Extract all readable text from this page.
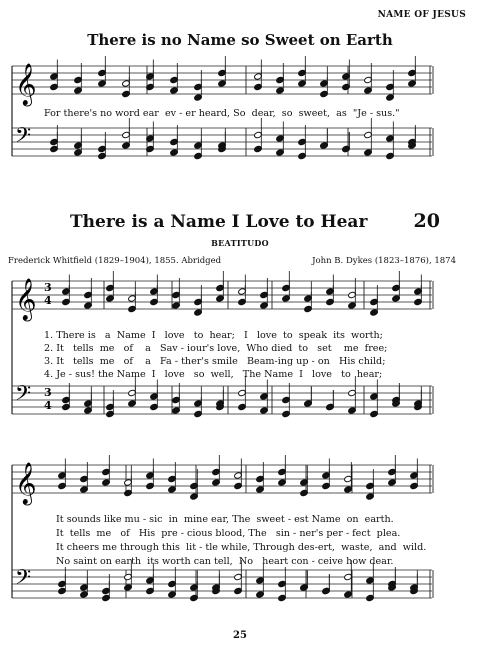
NAME OF JESUS
There is no Name so Sweet on Earth
𝄞
𝄢
𝄞
𝄢
𝄞
𝄢
3
4
3
4
For there's no word ear  ev - er heard, So  dear,  so  sweet,  as  "Je - sus."
There is a Name I Love to Hear 20
BEATITUDO
Frederick Whitfield (1829–1904), 1855. Abridged	John B. Dykes (1823–1876), 1874
1. There is   a  Name  I   love   to  hear;   I   love  to  speak  its  worth;
2. It   tells  me   of    a   Sav - iour's love,  Who died  to   set    me  free;
3. It   tells  me   of    a   Fa - ther's smile   Beam-ing up - on   His child;
4. Je - sus! the Name  I   love   so  well,   The Name  I   love   to  hear;
It sounds like mu - sic  in  mine ear, The  sweet - est Name  on  earth.
It  tells  me   of   His  pre - cious blood, The   sin - ner's per - fect  plea.
It cheers me through this  lit - tle while, Through des-ert,  waste,  and  wild.
No saint on earth  its worth can tell,  No   heart con - ceive how dear.
25
